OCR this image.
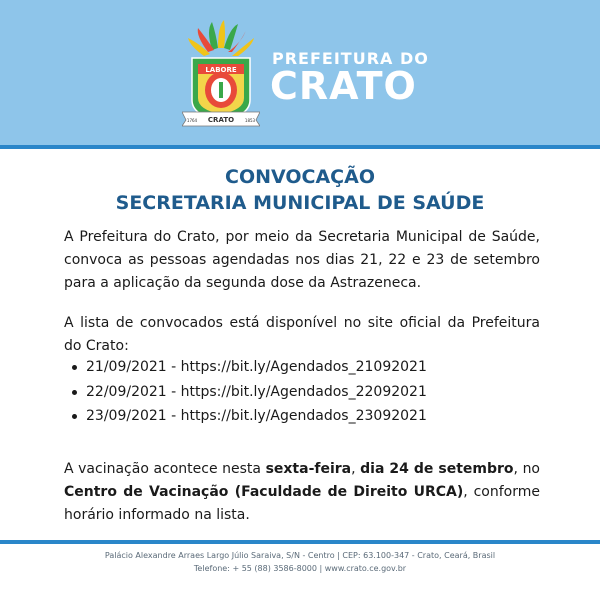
LABORE
CRATO
1764	1853
PREFEITURA DO
CRATO
CONVOCAÇÃO
SECRETARIA MUNICIPAL DE SAÚDE

A Prefeitura do Crato, por meio da Secretaria Municipal de Saúde, convoca as pessoas agendadas nos dias 21, 22 e 23 de setembro para a aplicação da segunda dose da Astrazeneca.

A lista de convocados está disponível no site oficial da Prefeitura do Crato:

21/09/2021 - https://bit.ly/Agendados_21092021
22/09/2021 - https://bit.ly/Agendados_22092021
23/09/2021 - https://bit.ly/Agendados_23092021

A vacinação acontece nesta sexta-feira, dia 24 de setembro, no Centro de Vacinação (Faculdade de Direito URCA), conforme horário informado na lista.

Palácio Alexandre Arraes Largo Júlio Saraiva, S/N - Centro | CEP: 63.100-347 - Crato, Ceará, Brasil
Telefone: + 55 (88) 3586-8000 | www.crato.ce.gov.br
